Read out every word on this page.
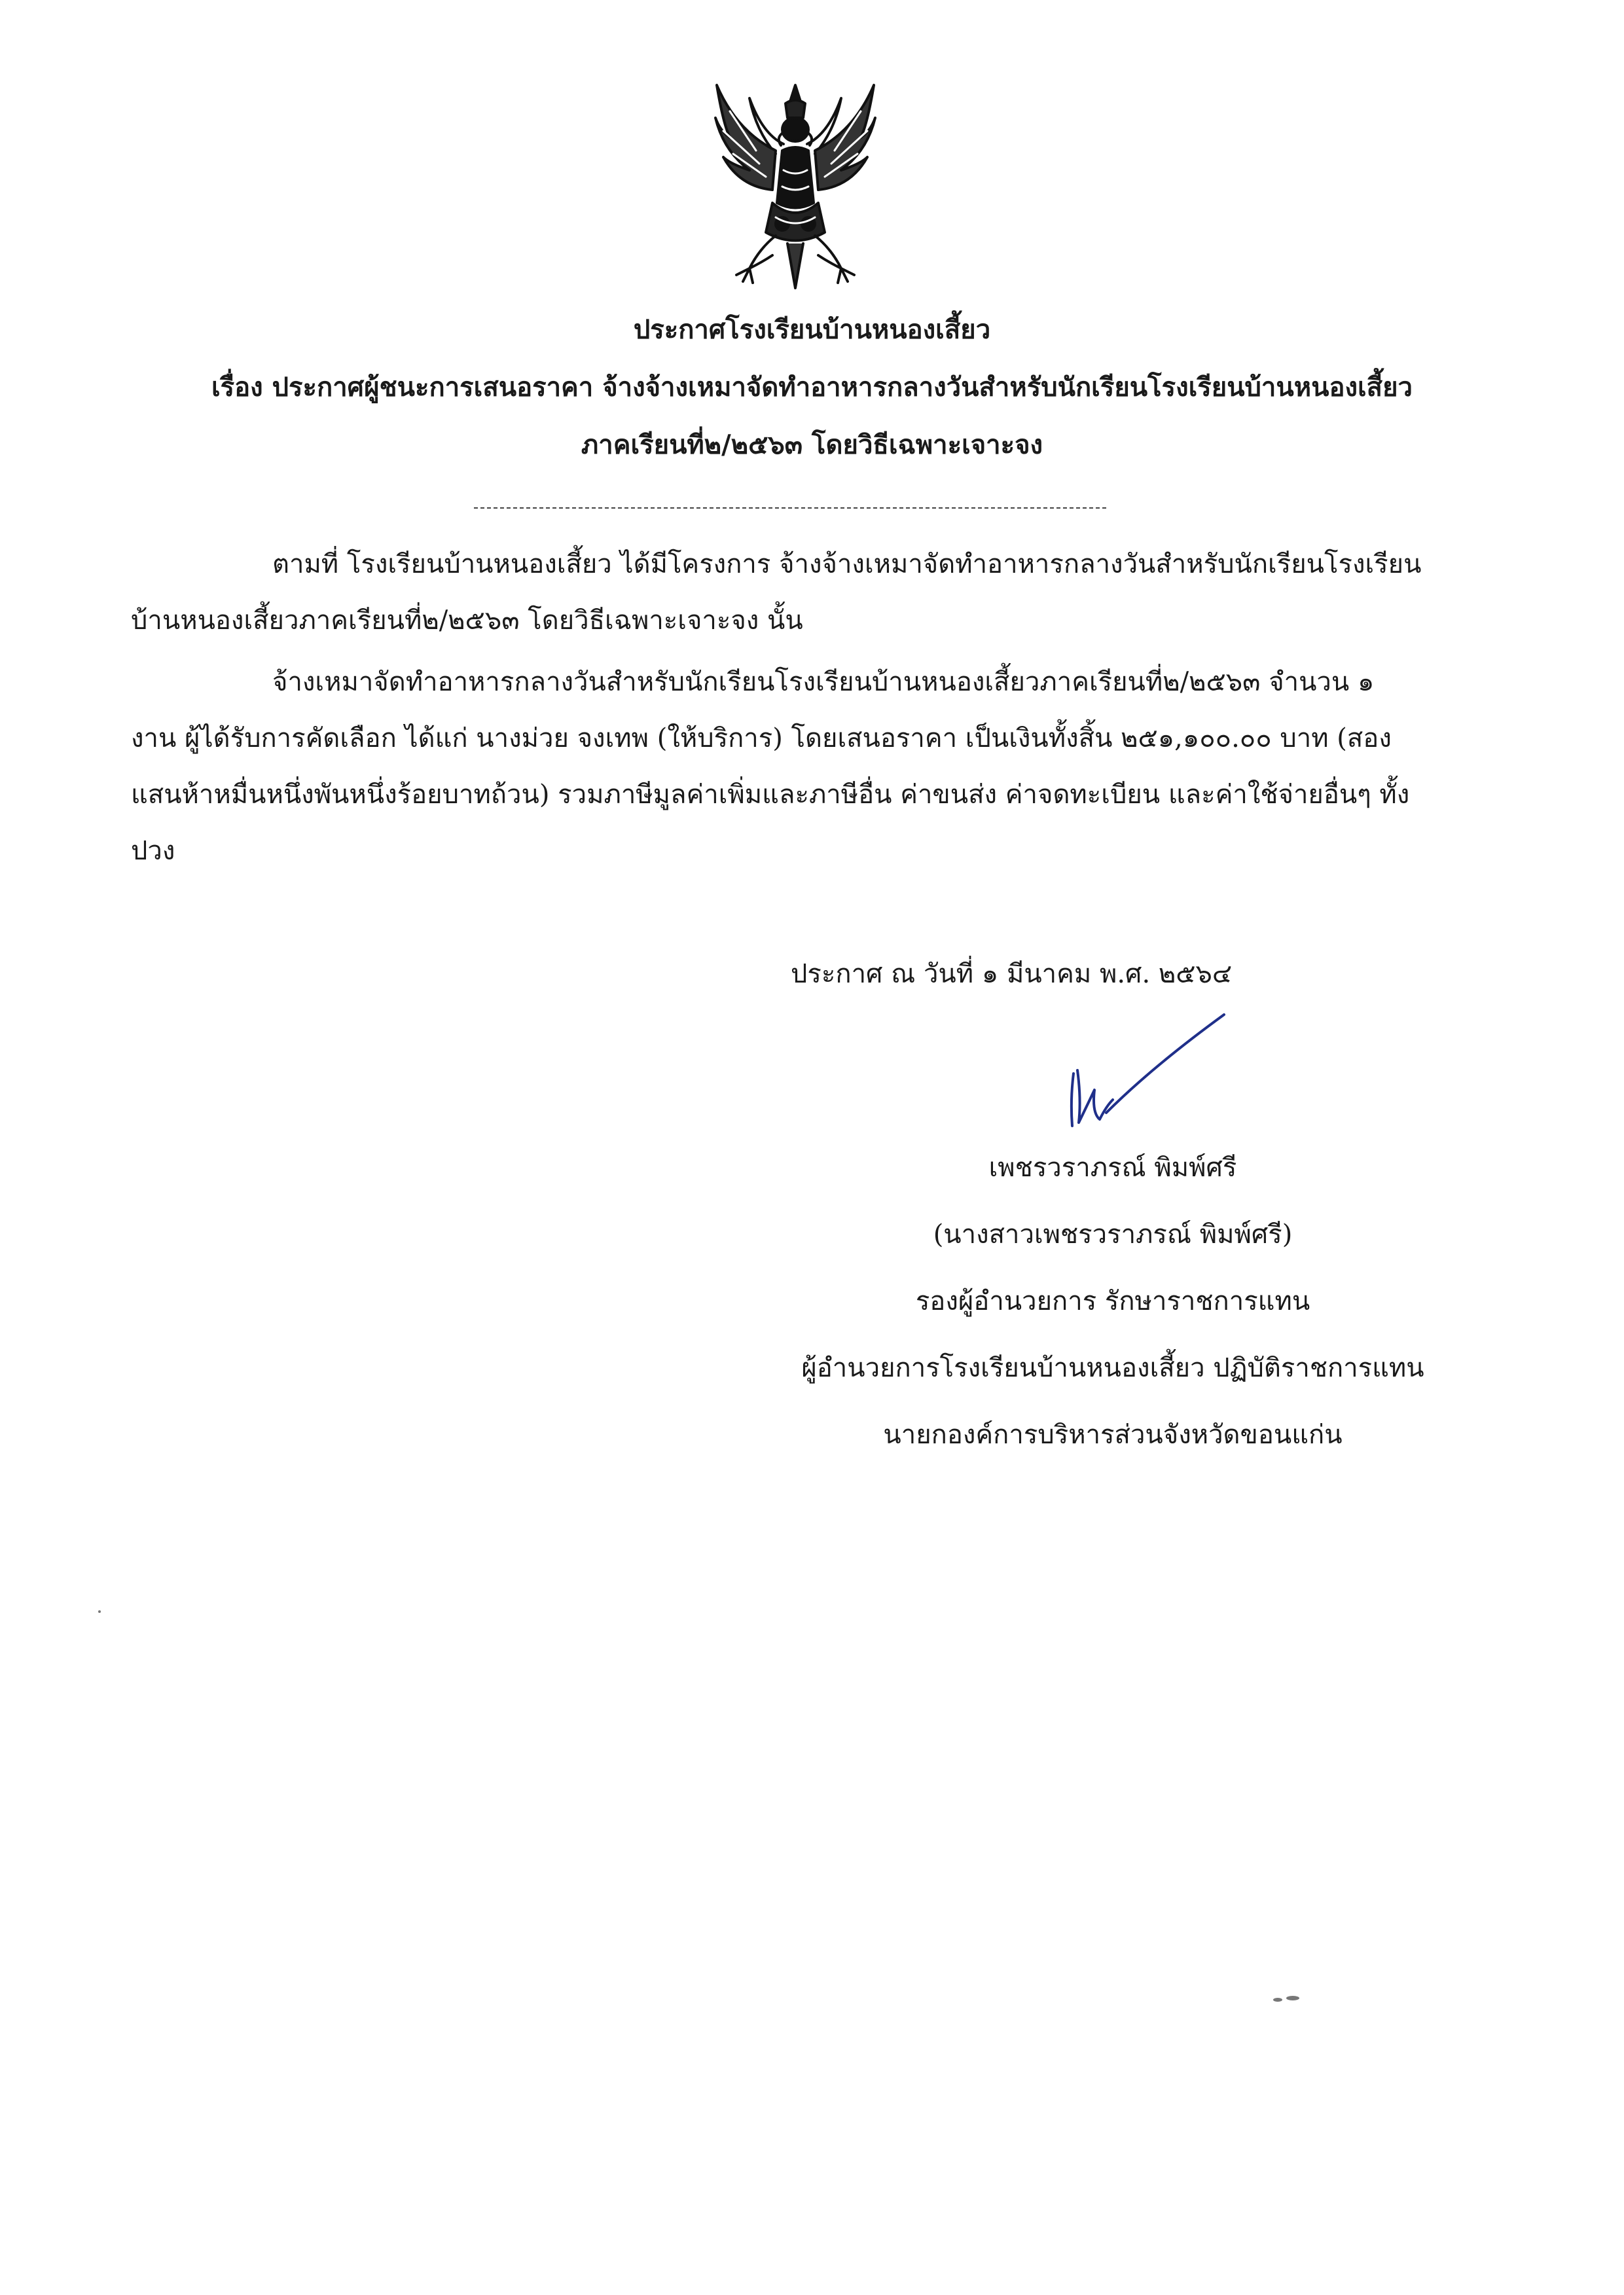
ประกาศโรงเรียนบ้านหนองเสี้ยว
เรื่อง ประกาศผู้ชนะการเสนอราคา จ้างจ้างเหมาจัดทำอาหารกลางวันสำหรับนักเรียนโรงเรียนบ้านหนองเสี้ยว
ภาคเรียนที่๒/๒๕๖๓ โดยวิธีเฉพาะเจาะจง
ตามที่ โรงเรียนบ้านหนองเสี้ยว ได้มีโครงการ จ้างจ้างเหมาจัดทำอาหารกลางวันสำหรับนักเรียนโรงเรียน
บ้านหนองเสี้ยวภาคเรียนที่๒/๒๕๖๓ โดยวิธีเฉพาะเจาะจง นั้น
จ้างเหมาจัดทำอาหารกลางวันสำหรับนักเรียนโรงเรียนบ้านหนองเสี้ยวภาคเรียนที่๒/๒๕๖๓ จำนวน ๑
งาน ผู้ได้รับการคัดเลือก ได้แก่ นางม่วย จงเทพ (ให้บริการ) โดยเสนอราคา เป็นเงินทั้งสิ้น ๒๕๑,๑๐๐.๐๐ บาท (สอง
แสนห้าหมื่นหนึ่งพันหนึ่งร้อยบาทถ้วน) รวมภาษีมูลค่าเพิ่มและภาษีอื่น ค่าขนส่ง ค่าจดทะเบียน และค่าใช้จ่ายอื่นๆ ทั้ง
ปวง
ประกาศ ณ วันที่ ๑ มีนาคม พ.ศ. ๒๕๖๔
เพชรวราภรณ์ พิมพ์ศรี
(นางสาวเพชรวราภรณ์ พิมพ์ศรี)
รองผู้อำนวยการ รักษาราชการแทน
ผู้อำนวยการโรงเรียนบ้านหนองเสี้ยว ปฏิบัติราชการแทน
นายกองค์การบริหารส่วนจังหวัดขอนแก่น
